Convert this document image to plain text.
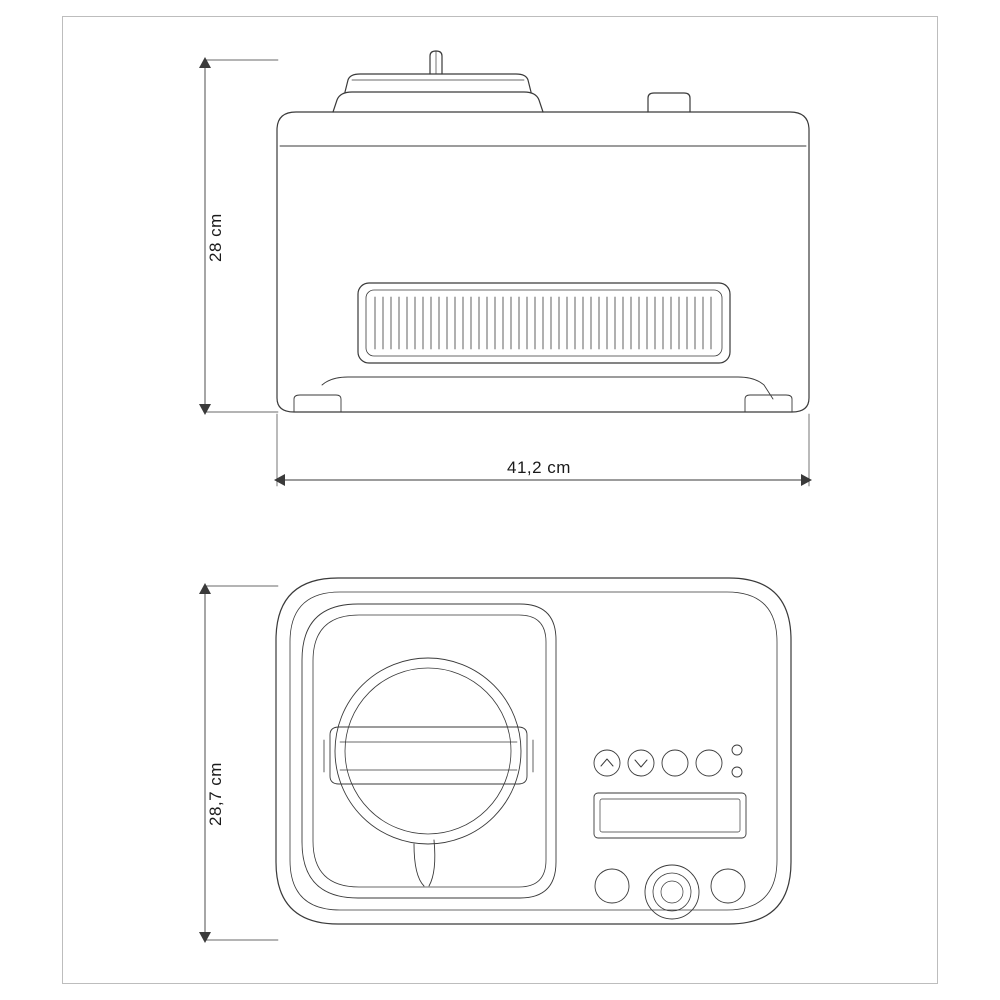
28 cm
41,2 cm
28,7 cm
